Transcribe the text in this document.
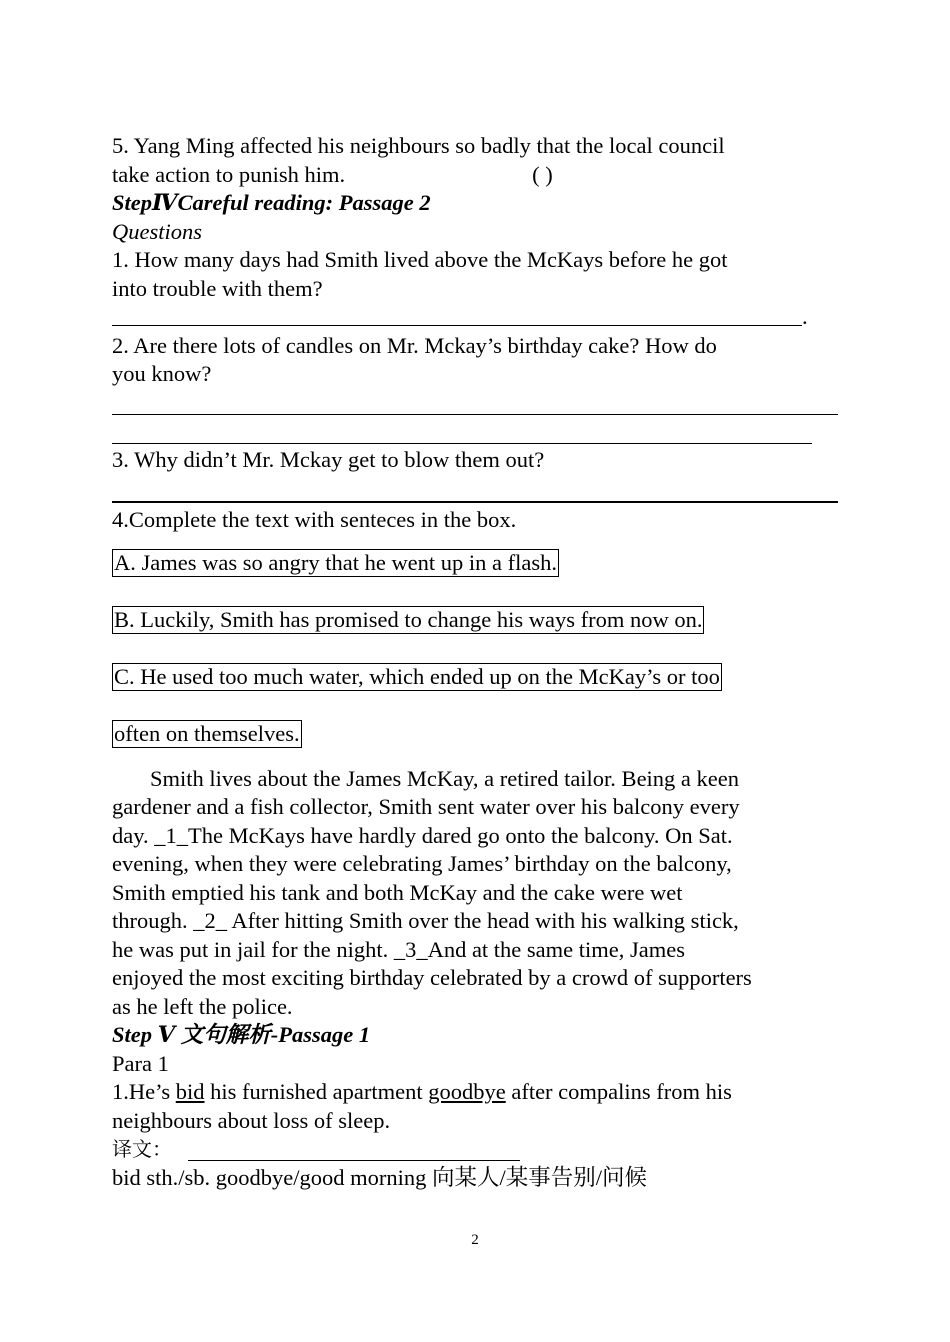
5. Yang Ming affected his neighbours so badly that the local council
take action to punish him.	( )
StepⅣCareful reading: Passage 2
Questions
1. How many days had Smith lived above the McKays before he got
into trouble with them?
.
2. Are there lots of candles on Mr. Mckay’s birthday cake? How do
you know?
3. Why didn’t Mr. Mckay get to blow them out?
4.Complete the text with senteces in the box.
A. James was so angry that he went up in a flash.
B. Luckily, Smith has promised to change his ways from now on.
C. He used too much water, which ended up on the McKay’s or too
often on themselves.
Smith lives about the James McKay, a retired tailor. Being a keen
gardener and a fish collector, Smith sent water over his balcony every
day. _1_The McKays have hardly dared go onto the balcony. On Sat.
evening, when they were celebrating James’ birthday on the balcony,
Smith emptied his tank and both McKay and the cake were wet
through. _2_ After hitting Smith over the head with his walking stick,
he was put in jail for the night. _3_And at the same time, James
enjoyed the most exciting birthday celebrated by a crowd of supporters
as he left the police.
Step Ⅴ 文句解析-Passage 1
Para 1
1.He’s bid his furnished apartment goodbye after compalins from his
neighbours about loss of sleep.
译文：
bid sth./sb. goodbye/good morning 向某人/某事告别/问候
2
